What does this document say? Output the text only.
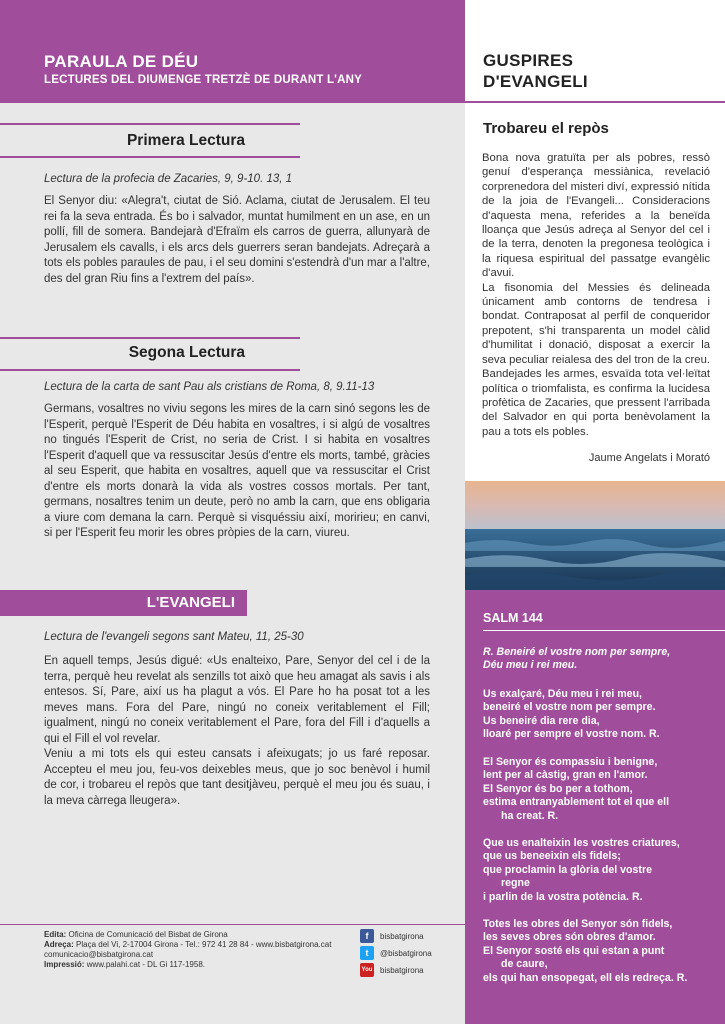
PARAULA DE DÉU
LECTURES DEL DIUMENGE TRETZÈ DE DURANT L'ANY
Primera Lectura
Lectura de la profecia de Zacaries, 9, 9-10. 13, 1
El Senyor diu: «Alegra't, ciutat de Sió. Aclama, ciutat de Jerusalem. El teu rei fa la seva entrada. És bo i salvador, muntat humilment en un ase, en un pollí, fill de somera. Bandejarà d'Efraïm els carros de guerra, allunyarà de Jerusalem els cavalls, i els arcs dels guerrers seran bandejats. Adreçarà a tots els pobles paraules de pau, i el seu domini s'estendrà d'un mar a l'altre, des del gran Riu fins a l'extrem del país».
Segona Lectura
Lectura de la carta de sant Pau als cristians de Roma, 8, 9.11-13
Germans, vosaltres no viviu segons les mires de la carn sinó segons les de l'Esperit, perquè l'Esperit de Déu habita en vosaltres, i si algú de vosaltres no tingués l'Esperit de Crist, no seria de Crist. I si habita en vosaltres l'Esperit d'aquell que va ressuscitar Jesús d'entre els morts, també, gràcies al seu Esperit, que habita en vosaltres, aquell que va ressuscitar el Crist d'entre els morts donarà la vida als vostres cossos mortals. Per tant, germans, nosaltres tenim un deute, però no amb la carn, que ens obligaria a viure com demana la carn. Perquè si visquéssiu així, moririeu; en canvi, si per l'Esperit feu morir les obres pròpies de la carn, viureu.
L'EVANGELI
Lectura de l'evangeli segons sant Mateu, 11, 25-30

En aquell temps, Jesús digué: «Us enalteixo, Pare, Senyor del cel i de la terra, perquè heu revelat als senzills tot això que heu amagat als savis i als entesos. Sí, Pare, així us ha plagut a vós. El Pare ho ha posat tot a les meves mans. Fora del Pare, ningú no coneix veritablement el Fill; igualment, ningú no coneix veritablement el Pare, fora del Fill i d'aquells a qui el Fill el vol revelar.

Veniu a mi tots els qui esteu cansats i afeixugats; jo us faré reposar. Accepteu el meu jou, feu-vos deixebles meus, que jo soc benèvol i humil de cor, i trobareu el repòs que tant desitjàveu, perquè el meu jou és suau, i la meva càrrega lleugera».

Edita: Oficina de Comunicació del Bisbat de Girona
Adreça: Plaça del Vi, 2-17004 Girona - Tel.: 972 41 28 84 - www.bisbatgirona.cat
comunicacio@bisbatgirona.cat
Impressió: www.palahi.cat - DL Gi 117-1958.
f	bisbatgirona
t	@bisbatgirona
You bisbatgirona
GUSPIRES
D'EVANGELI
Trobareu el repòs

Bona nova gratuïta per als pobres, ressò genuí d'esperança messiànica, revelació corprenedora del misteri diví, expressió nítida de la joia de l'Evangeli... Consideracions d'aquesta mena, referides a la beneïda lloança que Jesús adreça al Senyor del cel i de la terra, denoten la pregonesa teològica i la riquesa espiritual del passatge evangèlic d'avui.

La fisonomia del Messies és delineada únicament amb contorns de tendresa i bondat. Contraposat al perfil de conqueridor prepotent, s'hi transparenta un model càlid d'humilitat i donació, disposat a exercir la seva peculiar reialesa des del tron de la creu. Bandejades les armes, esvaïda tota vel·leïtat política o triomfalista, es confirma la lucidesa profètica de Zacaries, que pressent l'arribada del Salvador en qui porta benèvolament la pau a tots els pobles.

Jaume Angelats i Morató
SALM 144
R. Beneiré el vostre nom per sempre,
Déu meu i rei meu.
Us exalçaré, Déu meu i rei meu,
beneiré el vostre nom per sempre.
Us beneiré dia rere dia,
lloaré per sempre el vostre nom. R.
El Senyor és compassiu i benigne,
lent per al càstig, gran en l'amor.
El Senyor és bo per a tothom,
estima entranyablement tot el que ell
ha creat. R.
Que us enalteixin les vostres criatures,
que us beneeixin els fidels;
que proclamin la glòria del vostre
regne
i parlin de la vostra potència. R.
Totes les obres del Senyor són fidels,
les seves obres són obres d'amor.
El Senyor sosté els qui estan a punt
de caure,
els qui han ensopegat, ell els redreça. R.
